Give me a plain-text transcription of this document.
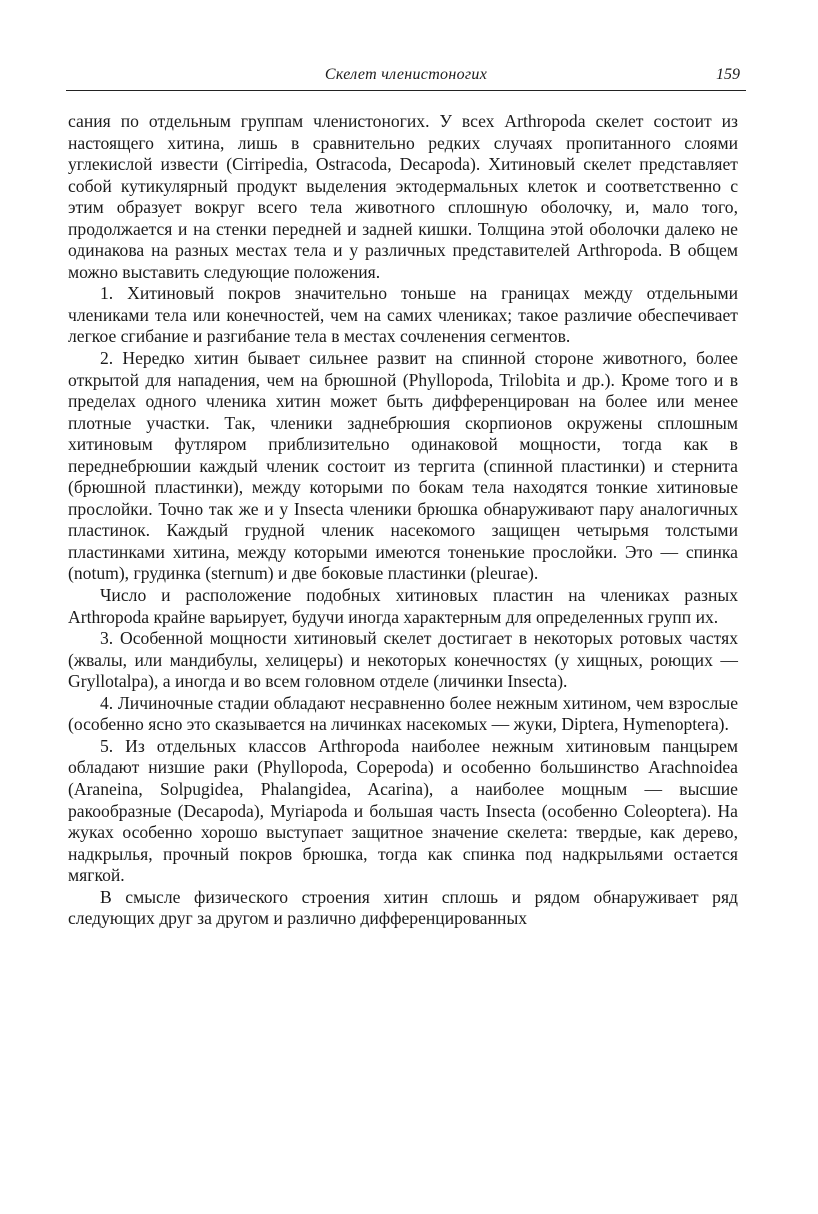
Скелет членистоногих	159

сания по отдельным группам членистоногих. У всех Arthropoda скелет состоит из настоящего хитина, лишь в сравнительно редких случаях пропитанного слоями углекислой извести (Cirripedia, Ostracoda, Decapoda). Хитиновый скелет представляет собой кутикулярный продукт выделения эктодермальных клеток и соответственно с этим образует вокруг всего тела животного сплошную оболочку, и, мало того, продолжается и на стенки передней и задней кишки. Толщина этой оболочки далеко не одинакова на разных местах тела и у различных представителей Arthropoda. В общем можно выставить следующие положения.

1. Хитиновый покров значительно тоньше на границах между отдельными члениками тела или конечностей, чем на самих члениках; такое различие обеспечивает легкое сгибание и разгибание тела в местах сочленения сегментов.

2. Нередко хитин бывает сильнее развит на спинной стороне животного, более открытой для нападения, чем на брюшной (Phyllopoda, Trilobita и др.). Кроме того и в пределах одного членика хитин может быть дифференцирован на более или менее плотные участки. Так, членики заднебрюшия скорпионов окружены сплошным хитиновым футляром приблизительно одинаковой мощности, тогда как в переднебрюшии каждый членик состоит из тергита (спинной пластинки) и стернита (брюшной пластинки), между которыми по бокам тела находятся тонкие хитиновые прослойки. Точно так же и у Insecta членики брюшка обнаруживают пару аналогичных пластинок. Каждый грудной членик насекомого защищен четырьмя толстыми пластинками хитина, между которыми имеются тоненькие прослойки. Это — спинка (notum), грудинка (sternum) и две боковые пластинки (pleurae).

Число и расположение подобных хитиновых пластин на члениках разных Arthropoda крайне варьирует, будучи иногда характерным для определенных групп их.

3. Особенной мощности хитиновый скелет достигает в некоторых ротовых частях (жвалы, или мандибулы, хелицеры) и некоторых конечностях (у хищных, роющих — Gryllotalpa), а иногда и во всем головном отделе (личинки Insecta).

4. Личиночные стадии обладают несравненно более нежным хитином, чем взрослые (особенно ясно это сказывается на личинках насекомых — жуки, Diptera, Hymenoptera).

5. Из отдельных классов Arthropoda наиболее нежным хитиновым панцырем обладают низшие раки (Phyllopoda, Copepoda) и особенно большинство Arachnoidea (Araneina, Solpugidea, Phalangidea, Acarina), а наиболее мощным — высшие ракообразные (Decapoda), Myriapoda и большая часть Insecta (особенно Coleoptera). На жуках особенно хорошо выступает защитное значение скелета: твердые, как дерево, надкрылья, прочный покров брюшка, тогда как спинка под надкрыльями остается мягкой.

В смысле физического строения хитин сплошь и рядом обнаруживает ряд следующих друг за другом и различно дифференцированных
